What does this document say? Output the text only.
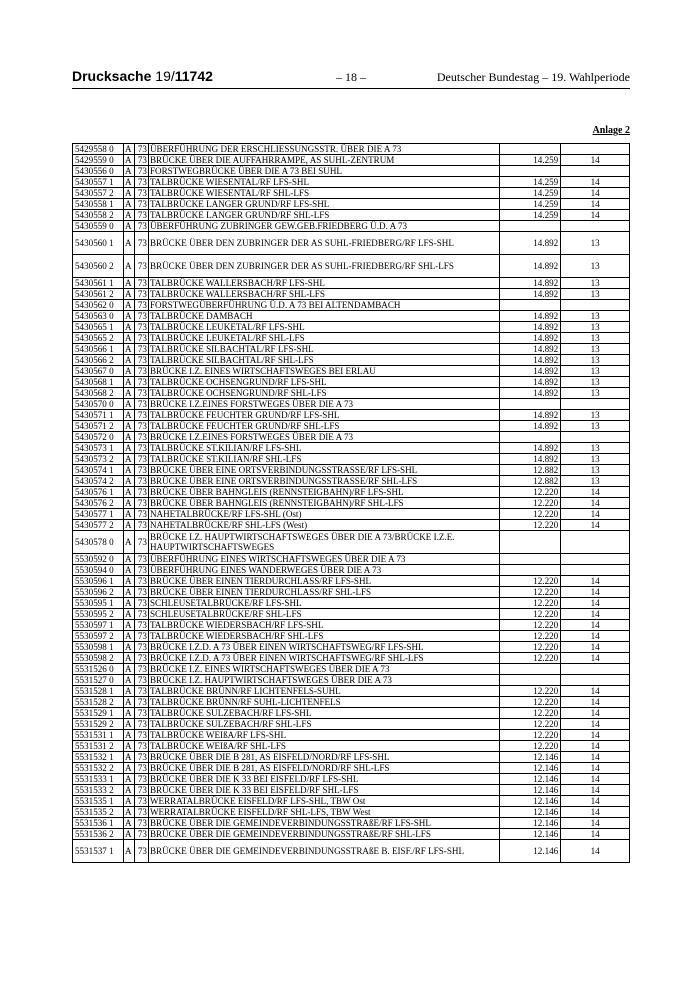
Drucksache 19/11742	– 18 –	Deutscher Bundestag – 19. Wahlperiode
Anlage 2
5429558 0	A	73	ÜBERFÜHRUNG DER ERSCHLIESSUNGSSTR. ÜBER DIE A 73		
5429559 0	A	73	BRÜCKE ÜBER DIE AUFFAHRRAMPE, AS SUHL-ZENTRUM	14.259	14
5430556 0	A	73	FORSTWEGBRÜCKE ÜBER DIE A 73 BEI SUHL		
5430557 1	A	73	TALBRÜCKE WIESENTAL/RF LFS-SHL	14.259	14
5430557 2	A	73	TALBRÜCKE WIESENTAL/RF SHL-LFS	14.259	14
5430558 1	A	73	TALBRÜCKE LANGER GRUND/RF LFS-SHL	14.259	14
5430558 2	A	73	TALBRÜCKE LANGER GRUND/RF SHL-LFS	14.259	14
5430559 0	A	73	ÜBERFÜHRUNG ZUBRINGER GEW.GEB.FRIEDBERG Ü.D. A 73		
5430560 1	A	73	BRÜCKE ÜBER DEN ZUBRINGER DER AS SUHL-FRIEDBERG/RF LFS-SHL	14.892	13
5430560 2	A	73	BRÜCKE ÜBER DEN ZUBRINGER DER AS SUHL-FRIEDBERG/RF SHL-LFS	14.892	13
5430561 1	A	73	TALBRÜCKE WALLERSBACH/RF LFS-SHL	14.892	13
5430561 2	A	73	TALBRÜCKE WALLERSBACH/RF SHL-LFS	14.892	13
5430562 0	A	73	FORSTWEGÜBERFÜHRUNG Ü.D. A 73 BEI ALTENDAMBACH		
5430563 0	A	73	TALBRÜCKE DAMBACH	14.892	13
5430565 1	A	73	TALBRÜCKE LEUKETAL/RF LFS-SHL	14.892	13
5430565 2	A	73	TALBRÜCKE LEUKETAL/RF SHL-LFS	14.892	13
5430566 1	A	73	TALBRÜCKE SILBACHTAL/RF LFS-SHL	14.892	13
5430566 2	A	73	TALBRÜCKE SILBACHTAL/RF SHL-LFS	14.892	13
5430567 0	A	73	BRÜCKE I.Z. EINES WIRTSCHAFTSWEGES BEI ERLAU	14.892	13
5430568 1	A	73	TALBRÜCKE OCHSENGRUND/RF LFS-SHL	14.892	13
5430568 2	A	73	TALBRÜCKE OCHSENGRUND/RF SHL-LFS	14.892	13
5430570 0	A	73	BRÜCKE I.Z.EINES FORSTWEGES ÜBER DIE A 73		
5430571 1	A	73	TALBRÜCKE FEUCHTER GRUND/RF LFS-SHL	14.892	13
5430571 2	A	73	TALBRÜCKE FEUCHTER GRUND/RF SHL-LFS	14.892	13
5430572 0	A	73	BRÜCKE I.Z.EINES FORSTWEGES ÜBER DIE A 73		
5430573 1	A	73	TALBRÜCKE ST.KILIAN/RF LFS-SHL	14.892	13
5430573 2	A	73	TALBRÜCKE ST.KILIAN/RF SHL-LFS	14.892	13
5430574 1	A	73	BRÜCKE ÜBER EINE ORTSVERBINDUNGSSTRASSE/RF LFS-SHL	12.882	13
5430574 2	A	73	BRÜCKE ÜBER EINE ORTSVERBINDUNGSSTRASSE/RF SHL-LFS	12.882	13
5430576 1	A	73	BRÜCKE ÜBER BAHNGLEIS (RENNSTEIGBAHN)/RF LFS-SHL	12.220	14
5430576 2	A	73	BRÜCKE ÜBER BAHNGLEIS (RENNSTEIGBAHN)/RF SHL-LFS	12.220	14
5430577 1	A	73	NAHETALBRÜCKE/RF LFS-SHL (Ost)	12.220	14
5430577 2	A	73	NAHETALBRÜCKE/RF SHL-LFS (West)	12.220	14
5430578 0	A	73	BRÜCKE I.Z. HAUPTWIRTSCHAFTSWEGES ÜBER DIE A 73/BRÜCKE I.Z.E. HAUPTWIRTSCHAFTSWEGES		
5530592 0	A	73	ÜBERFÜHRUNG EINES WIRTSCHAFTSWEGES ÜBER DIE A 73		
5530594 0	A	73	ÜBERFÜHRUNG EINES WANDERWEGES ÜBER DIE A 73		
5530596 1	A	73	BRÜCKE ÜBER EINEN TIERDURCHLASS/RF LFS-SHL	12.220	14
5530596 2	A	73	BRÜCKE ÜBER EINEN TIERDURCHLASS/RF SHL-LFS	12.220	14
5530595 1	A	73	SCHLEUSETALBRÜCKE/RF LFS-SHL	12.220	14
5530595 2	A	73	SCHLEUSETALBRÜCKE/RF SHL-LFS	12.220	14
5530597 1	A	73	TALBRÜCKE WIEDERSBACH/RF LFS-SHL	12.220	14
5530597 2	A	73	TALBRÜCKE WIEDERSBACH/RF SHL-LFS	12.220	14
5530598 1	A	73	BRÜCKE I.Z.D. A 73 ÜBER EINEN WIRTSCHAFTSWEG/RF LFS-SHL	12.220	14
5530598 2	A	73	BRÜCKE I.Z.D. A 73 ÜBER EINEN WIRTSCHAFTSWEG/RF SHL-LFS	12.220	14
5531526 0	A	73	BRÜCKE I.Z. EINES WIRTSCHAFTSWEGES ÜBER DIE A 73		
5531527 0	A	73	BRÜCKE I.Z. HAUPTWIRTSCHAFTSWEGES ÜBER DIE A 73		
5531528 1	A	73	TALBRÜCKE BRÜNN/RF LICHTENFELS-SUHL	12.220	14
5531528 2	A	73	TALBRÜCKE BRÜNN/RF SUHL-LICHTENFELS	12.220	14
5531529 1	A	73	TALBRÜCKE SULZEBACH/RF LFS-SHL	12.220	14
5531529 2	A	73	TALBRÜCKE SULZEBACH/RF SHL-LFS	12.220	14
5531531 1	A	73	TALBRÜCKE WEIßA/RF LFS-SHL	12.220	14
5531531 2	A	73	TALBRÜCKE WEIßA/RF SHL-LFS	12.220	14
5531532 1	A	73	BRÜCKE ÜBER DIE B 281, AS EISFELD/NORD/RF LFS-SHL	12.146	14
5531532 2	A	73	BRÜCKE ÜBER DIE B 281, AS EISFELD/NORD/RF SHL-LFS	12.146	14
5531533 1	A	73	BRÜCKE ÜBER DIE K 33 BEI EISFELD/RF LFS-SHL	12.146	14
5531533 2	A	73	BRÜCKE ÜBER DIE K 33 BEI EISFELD/RF SHL-LFS	12.146	14
5531535 1	A	73	WERRATALBRÜCKE EISFELD/RF LFS-SHL, TBW Ost	12.146	14
5531535 2	A	73	WERRATALBRÜCKE EISFELD/RF SHL-LFS, TBW West	12.146	14
5531536 1	A	73	BRÜCKE ÜBER DIE GEMEINDEVERBINDUNGSSTRAßE/RF LFS-SHL	12.146	14
5531536 2	A	73	BRÜCKE ÜBER DIE GEMEINDEVERBINDUNGSSTRAßE/RF SHL-LFS	12.146	14
5531537 1	A	73	BRÜCKE ÜBER DIE GEMEINDEVERBINDUNGSSTRAßE B. EISF./RF LFS-SHL	12.146	14
